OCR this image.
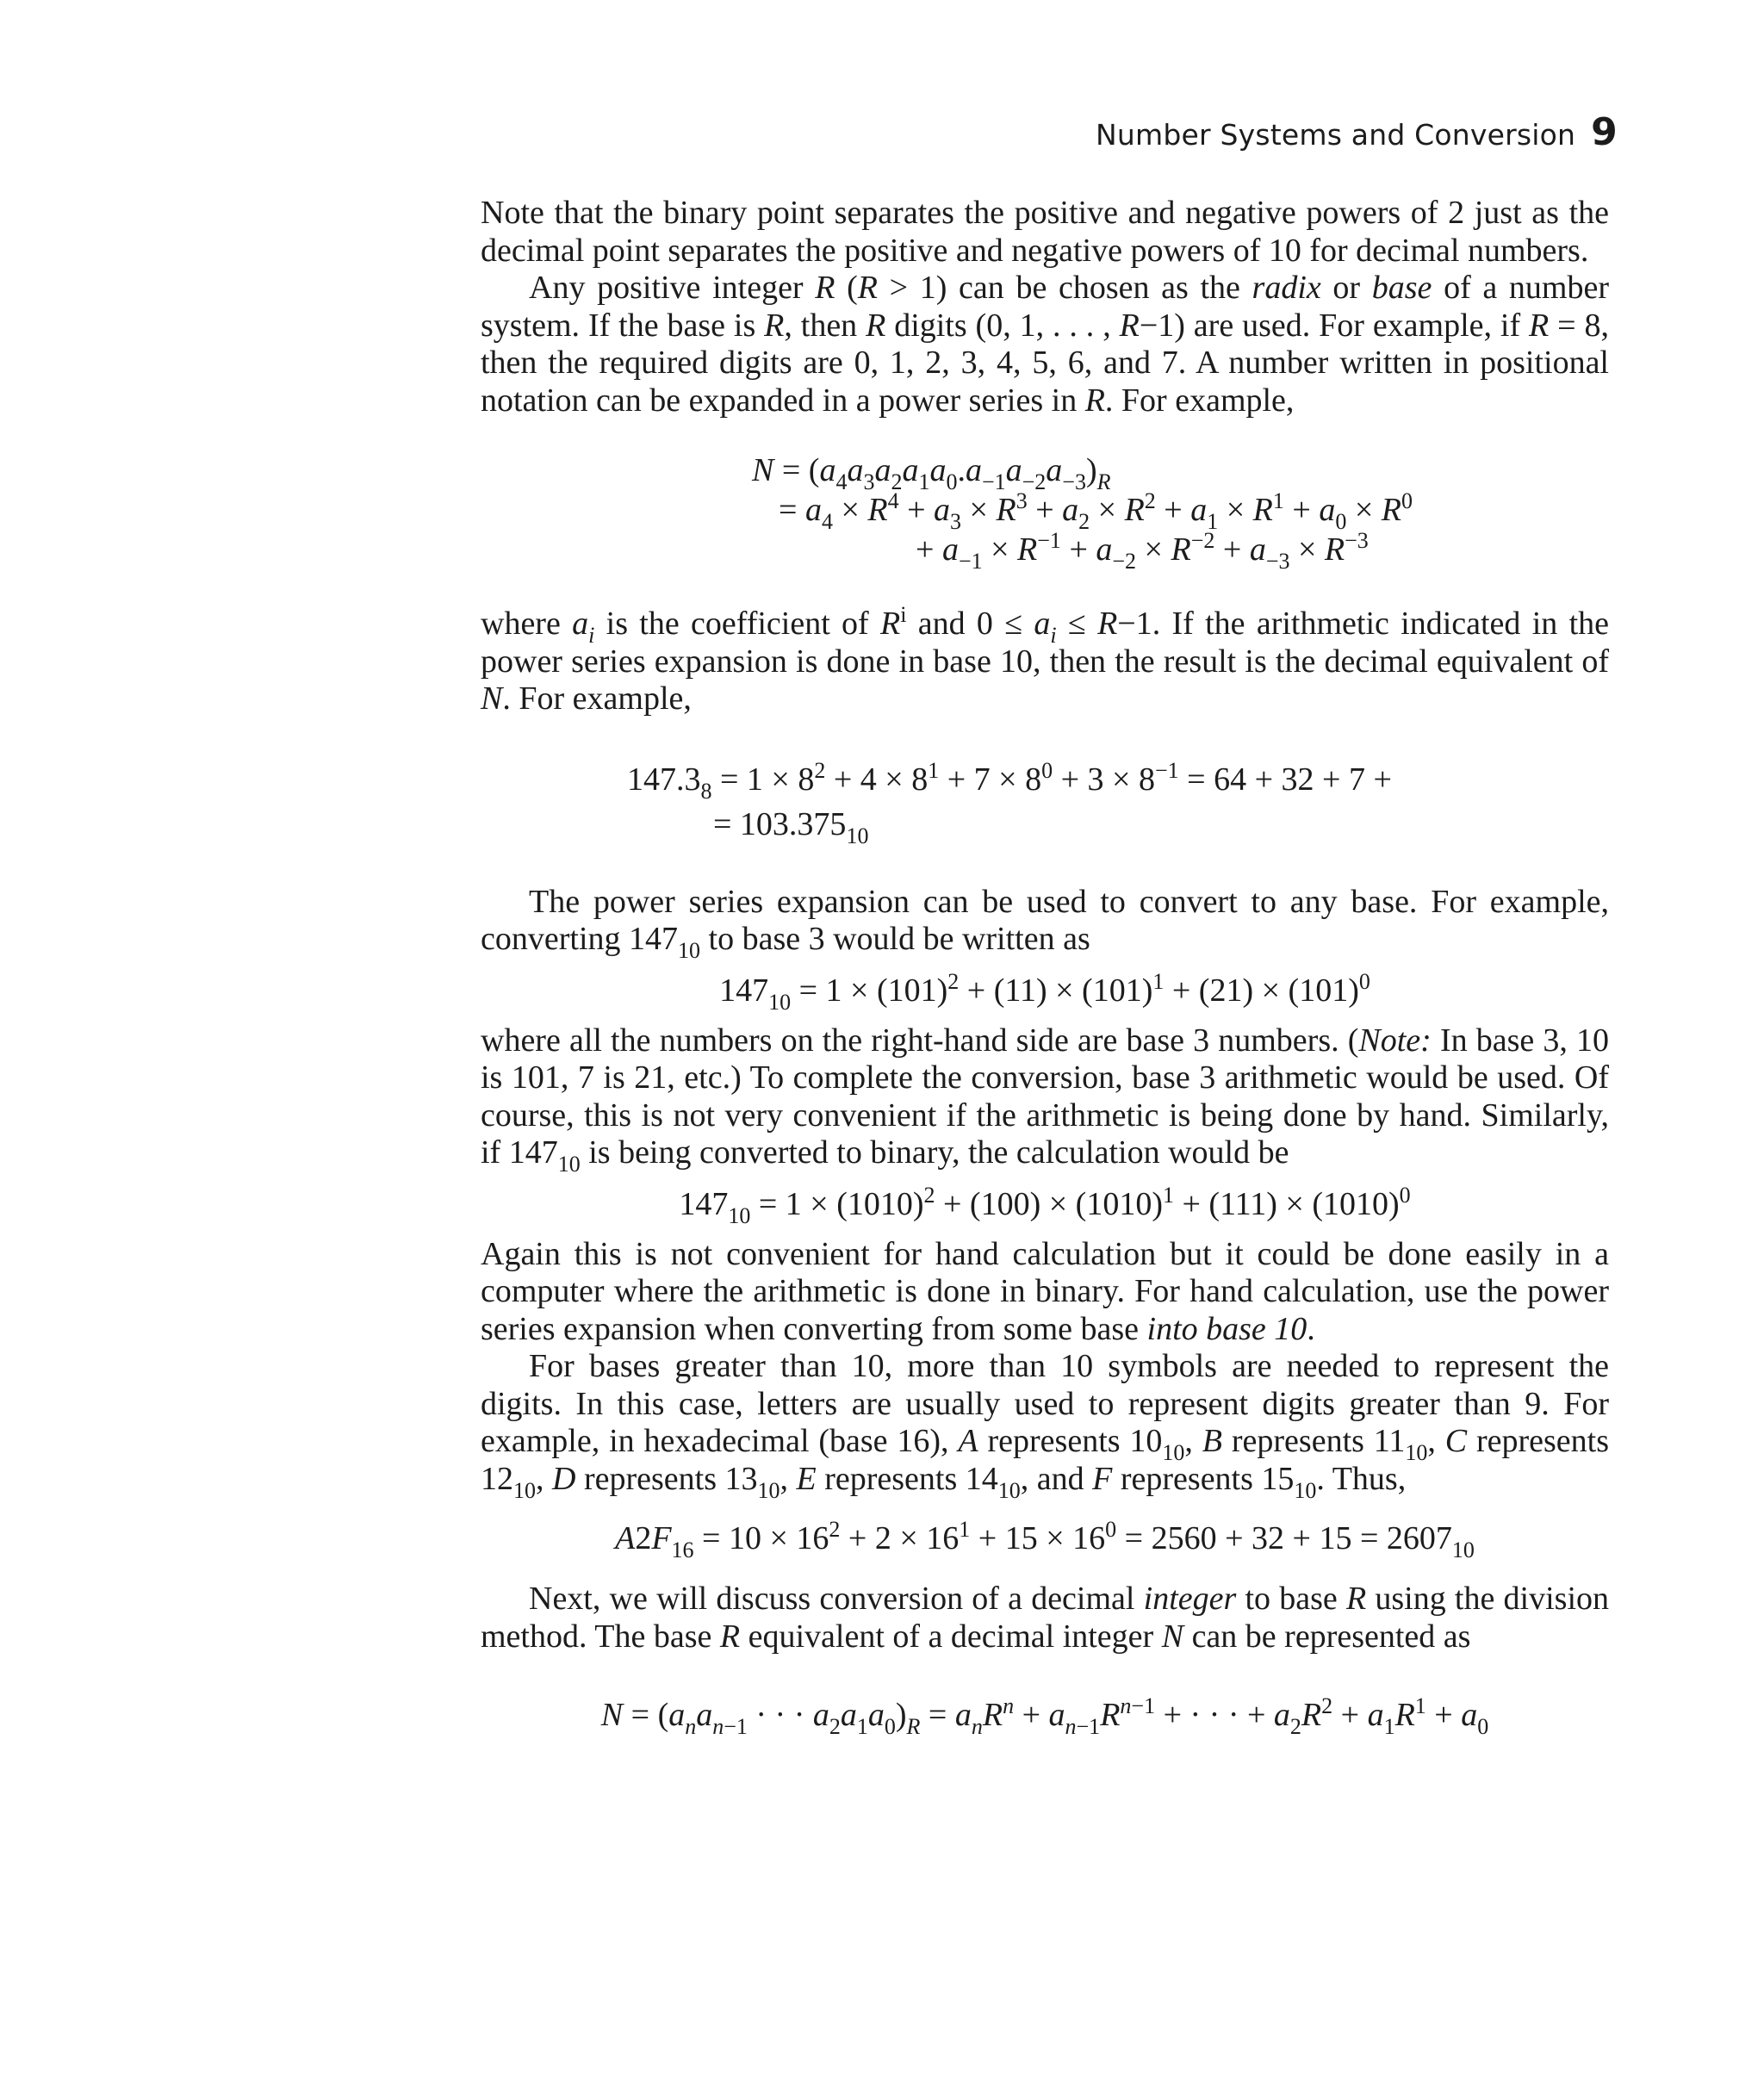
Number Systems and Conversion 9

Note that the binary point separates the positive and negative powers of 2 just as the decimal point separates the positive and negative powers of 10 for decimal numbers.

Any positive integer R (R > 1) can be chosen as the radix or base of a number system. If the base is R, then R digits (0, 1, . . . , R−1) are used. For example, if R = 8, then the required digits are 0, 1, 2, 3, 4, 5, 6, and 7. A number written in positional notation can be expanded in a power series in R. For example,

$N = (a_4a_3a_2a_1a_0.a_{-1}a_{-2}a_{-3})_R$
= $a_4 \times R^4 + a_3 \times R^3 + a_2 \times R^2 + a_1 \times R^1 + a_0 \times R^0$
+ $a_{-1} \times R^{-1} + a_{-2} \times R^{-2} + a_{-3} \times R^{-3}$

where $a_i$ is the coefficient of $R^i$ and $0 \le a_i \le R-1$. If the arithmetic indicated in the power series expansion is done in base 10, then the result is the decimal equivalent of N. For example,

$147.3_8 = 1 \times 8^2 + 4 \times 8^1 + 7 \times 8^0 + 3 \times 8^{-1} = 64 + 32 + 7$ +
= $103.375_{10}$

The power series expansion can be used to convert to any base. For example, converting $147_{10}$ to base 3 would be written as

$147_{10} = 1 \times (101)^2 + (11) \times (101)^1 + (21) \times (101)^0$

where all the numbers on the right-hand side are base 3 numbers. (Note: In base 3, 10 is 101, 7 is 21, etc.) To complete the conversion, base 3 arithmetic would be used. Of course, this is not very convenient if the arithmetic is being done by hand. Similarly, if $147_{10}$ is being converted to binary, the calculation would be

$147_{10} = 1 \times (1010)^2 + (100) \times (1010)^1 + (111) \times (1010)^0$

Again this is not convenient for hand calculation but it could be done easily in a computer where the arithmetic is done in binary. For hand calculation, use the power series expansion when converting from some base into base 10.

For bases greater than 10, more than 10 symbols are needed to represent the digits. In this case, letters are usually used to represent digits greater than 9. For example, in hexadecimal (base 16), A represents $10_{10}$, B represents $11_{10}$, C represents $12_{10}$, D represents $13_{10}$, E represents $14_{10}$, and F represents $15_{10}$. Thus,

$A2F_{16} = 10 \times 16^2 + 2 \times 16^1 + 15 \times 16^0 = 2560 + 32 + 15 = 2607_{10}$

Next, we will discuss conversion of a decimal integer to base R using the division method. The base R equivalent of a decimal integer N can be represented as

$N = (a_na_{n-1}$ · · · $a_2a_1a_0)_R = a_nR^n + a_{n-1}R^{n-1}$ + · · · + $a_2R^2 + a_1R^1 + a_0$
